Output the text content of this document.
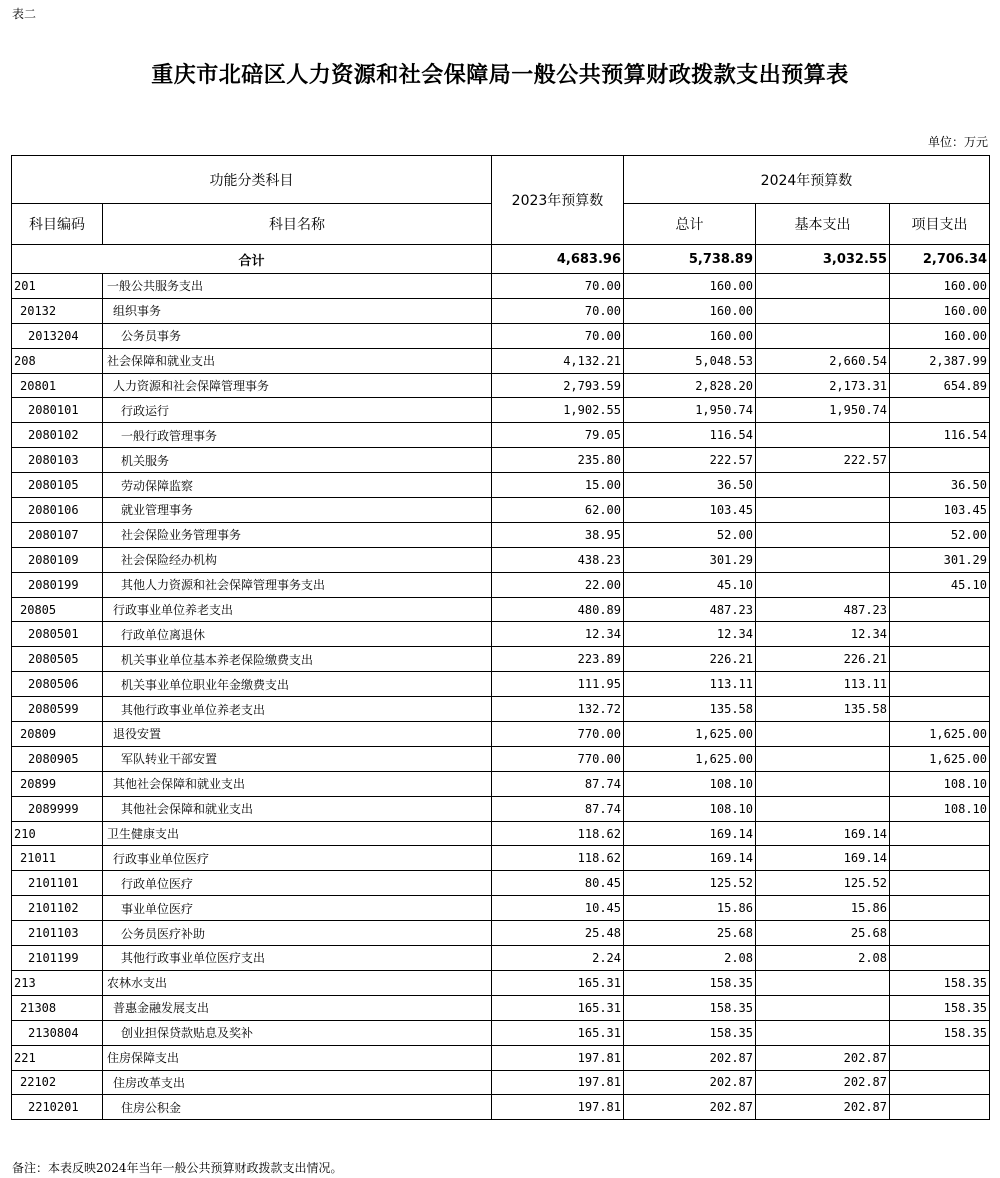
表二
重庆市北碚区人力资源和社会保障局一般公共预算财政拨款支出预算表
单位：万元
功能分类科目		2023年预算数	2024年预算数		
科目编码	科目名称		总计	基本支出	项目支出
合计		4,683.96	5,738.89	3,032.55	2,706.34
201	一般公共服务支出	70.00	160.00		160.00
20132	组织事务	70.00	160.00		160.00
2013204	公务员事务	70.00	160.00		160.00
208	社会保障和就业支出	4,132.21	5,048.53	2,660.54	2,387.99
20801	人力资源和社会保障管理事务	2,793.59	2,828.20	2,173.31	654.89
2080101	行政运行	1,902.55	1,950.74	1,950.74	
2080102	一般行政管理事务	79.05	116.54		116.54
2080103	机关服务	235.80	222.57	222.57	
2080105	劳动保障监察	15.00	36.50		36.50
2080106	就业管理事务	62.00	103.45		103.45
2080107	社会保险业务管理事务	38.95	52.00		52.00
2080109	社会保险经办机构	438.23	301.29		301.29
2080199	其他人力资源和社会保障管理事务支出	22.00	45.10		45.10
20805	行政事业单位养老支出	480.89	487.23	487.23	
2080501	行政单位离退休	12.34	12.34	12.34	
2080505	机关事业单位基本养老保险缴费支出	223.89	226.21	226.21	
2080506	机关事业单位职业年金缴费支出	111.95	113.11	113.11	
2080599	其他行政事业单位养老支出	132.72	135.58	135.58	
20809	退役安置	770.00	1,625.00		1,625.00
2080905	军队转业干部安置	770.00	1,625.00		1,625.00
20899	其他社会保障和就业支出	87.74	108.10		108.10
2089999	其他社会保障和就业支出	87.74	108.10		108.10
210	卫生健康支出	118.62	169.14	169.14	
21011	行政事业单位医疗	118.62	169.14	169.14	
2101101	行政单位医疗	80.45	125.52	125.52	
2101102	事业单位医疗	10.45	15.86	15.86	
2101103	公务员医疗补助	25.48	25.68	25.68	
2101199	其他行政事业单位医疗支出	2.24	2.08	2.08	
213	农林水支出	165.31	158.35		158.35
21308	普惠金融发展支出	165.31	158.35		158.35
2130804	创业担保贷款贴息及奖补	165.31	158.35		158.35
221	住房保障支出	197.81	202.87	202.87	
22102	住房改革支出	197.81	202.87	202.87	
2210201	住房公积金	197.81	202.87	202.87	
备注：本表反映2024年当年一般公共预算财政拨款支出情况。
